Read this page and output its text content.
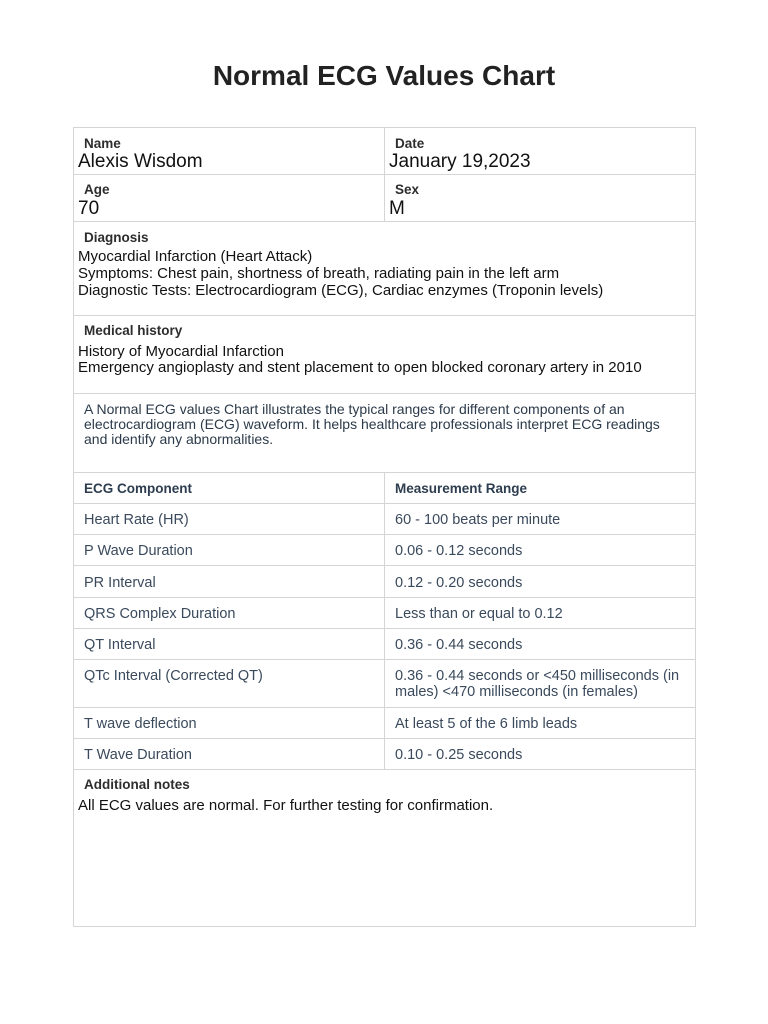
Normal ECG Values Chart
Name
Alexis Wisdom
Date
January 19,2023
Age
70
Sex
M
Diagnosis
Myocardial Infarction (Heart Attack)
Symptoms: Chest pain, shortness of breath, radiating pain in the left arm
Diagnostic Tests: Electrocardiogram (ECG), Cardiac enzymes (Troponin levels)
Medical history
History of Myocardial Infarction
Emergency angioplasty and stent placement to open blocked coronary artery in 2010
A Normal ECG values Chart illustrates the typical ranges for different components of an electrocardiogram (ECG) waveform. It helps healthcare professionals interpret ECG readings and identify any abnormalities.
ECG Component	Measurement Range
Heart Rate (HR)	60 - 100 beats per minute
P Wave Duration	0.06 - 0.12 seconds
PR Interval	0.12 - 0.20 seconds
QRS Complex Duration	Less than or equal to 0.12
QT Interval	0.36 - 0.44 seconds
QTc Interval (Corrected QT)	0.36 - 0.44 seconds or <450 milliseconds (in males) <470 milliseconds (in females)
T wave deflection	At least 5 of the 6 limb leads
T Wave Duration	0.10 - 0.25 seconds
Additional notes
All ECG values are normal. For further testing for confirmation.
